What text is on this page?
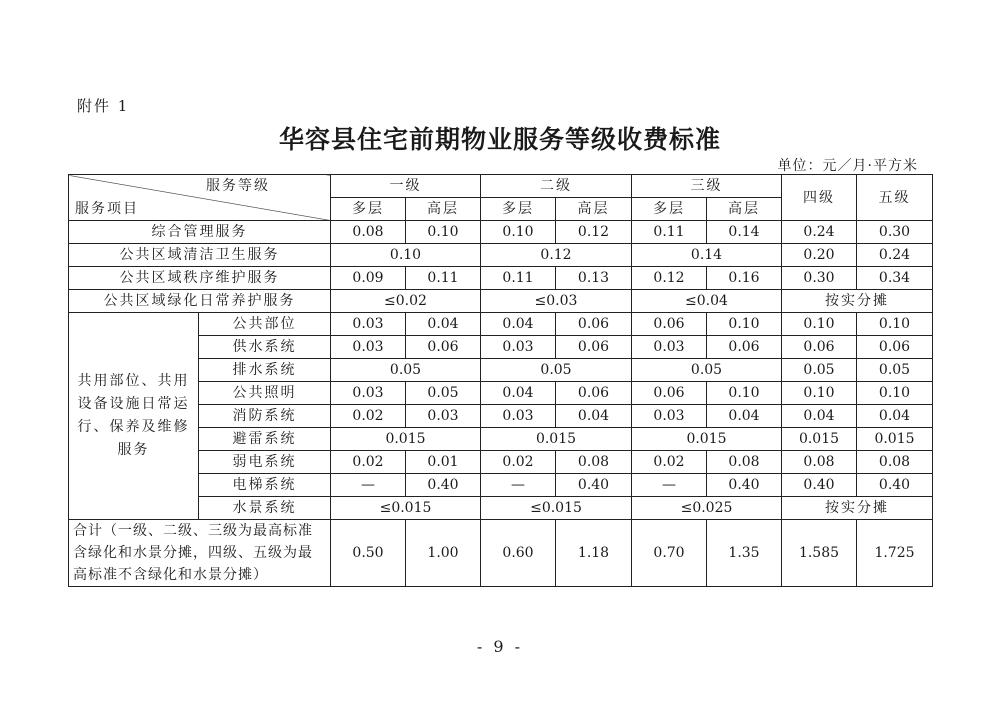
附件 1
华容县住宅前期物业服务等级收费标准
单位：元／月·平方米
服务等级
服务项目		一级		二级		三级		四级	五级
		多层	高层	多层	高层	多层	高层		
综合管理服务		0.08	0.10	0.10	0.12	0.11	0.14	0.24	0.30
公共区域清洁卫生服务		0.10		0.12		0.14		0.20	0.24
公共区域秩序维护服务		0.09	0.11	0.11	0.13	0.12	0.16	0.30	0.34
公共区域绿化日常养护服务		≤0.02		≤0.03		≤0.04		按实分摊	
共用部位、共用设备设施日常运行、保养及维修服务	公共部位	0.03	0.04	0.04	0.06	0.06	0.10	0.10	0.10
	供水系统	0.03	0.06	0.03	0.06	0.03	0.06	0.06	0.06
	排水系统	0.05		0.05		0.05		0.05	0.05
	公共照明	0.03	0.05	0.04	0.06	0.06	0.10	0.10	0.10
	消防系统	0.02	0.03	0.03	0.04	0.03	0.04	0.04	0.04
	避雷系统	0.015		0.015		0.015		0.015	0.015
	弱电系统	0.02	0.01	0.02	0.08	0.02	0.08	0.08	0.08
	电梯系统	—	0.40	—	0.40	—	0.40	0.40	0.40
	水景系统	≤0.015		≤0.015		≤0.025		按实分摊	
合计（一级、二级、三级为最高标准含绿化和水景分摊，四级、五级为最高标准不含绿化和水景分摊）		0.50	1.00	0.60	1.18	0.70	1.35	1.585	1.725
- 9 -
